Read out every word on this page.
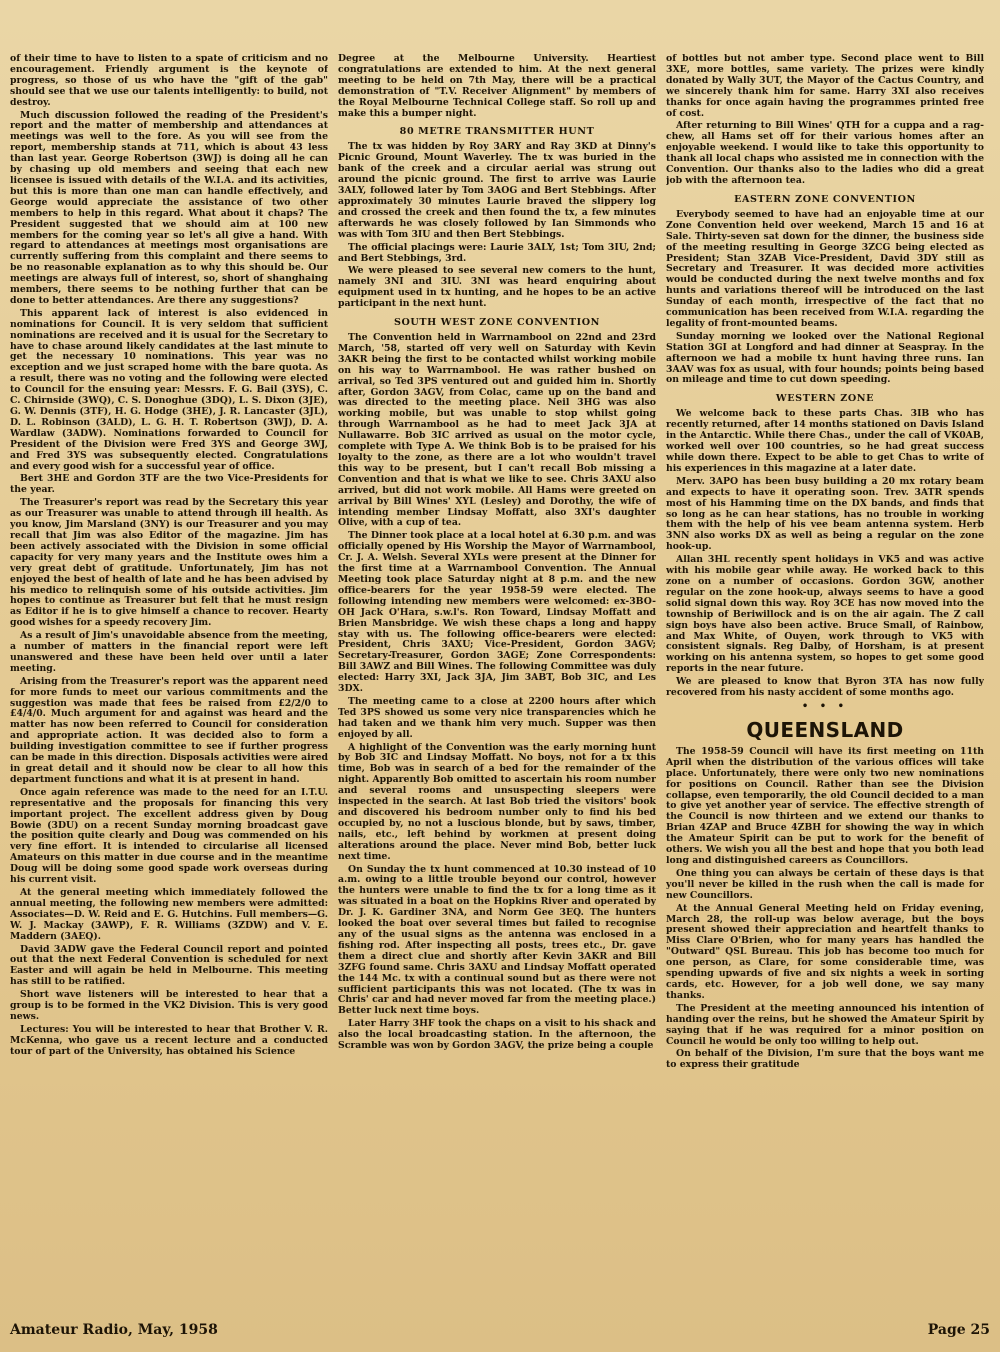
of their time to have to listen to a spate of criticism and no encouragement. Friendly argument is the keynote of progress, so those of us who have the "gift of the gab" should see that we use our talents intelligently: to build, not destroy.

Much discussion followed the reading of the President's report and the matter of membership and attendances at meetings was well to the fore. As you will see from the report, membership stands at 711, which is about 43 less than last year. George Robertson (3WJ) is doing all he can by chasing up old members and seeing that each new licensee is issued with details of the W.I.A. and its activities, but this is more than one man can handle effectively, and George would appreciate the assistance of two other members to help in this regard. What about it chaps? The President suggested that we should aim at 100 new members for the coming year so let's all give a hand. With regard to attendances at meetings most organisations are currently suffering from this complaint and there seems to be no reasonable explanation as to why this should be. Our meetings are always full of interest, so, short of shanghaing members, there seems to be nothing further that can be done to better attendances. Are there any suggestions?

This apparent lack of interest is also evidenced in nominations for Council. It is very seldom that sufficient nominations are received and it is usual for the Secretary to have to chase around likely candidates at the last minute to get the necessary 10 nominations. This year was no exception and we just scraped home with the bare quota. As a result, there was no voting and the following were elected to Council for the ensuing year: Messrs. F. G. Bail (3YS), C. C. Chirnside (3WQ), C. S. Donoghue (3DQ), L. S. Dixon (3JE), G. W. Dennis (3TF), H. G. Hodge (3HE), J. R. Lancaster (3JL), D. L. Robinson (3ALD), L. G. H. T. Robertson (3WJ), D. A. Wardlaw (3ADW). Nominations forwarded to Council for President of the Division were Fred 3YS and George 3WJ, and Fred 3YS was subsequently elected. Congratulations and every good wish for a successful year of office.

Bert 3HE and Gordon 3TF are the two Vice-Presidents for the year.

The Treasurer's report was read by the Secretary this year as our Treasurer was unable to attend through ill health. As you know, Jim Marsland (3NY) is our Treasurer and you may recall that Jim was also Editor of the magazine. Jim has been actively associated with the Division in some official capacity for very many years and the Institute owes him a very great debt of gratitude. Unfortunately, Jim has not enjoyed the best of health of late and he has been advised by his medico to relinquish some of his outside activities. Jim hopes to continue as Treasurer but felt that he must resign as Editor if he is to give himself a chance to recover. Hearty good wishes for a speedy recovery Jim.

As a result of Jim's unavoidable absence from the meeting, a number of matters in the financial report were left unanswered and these have been held over until a later meeting.

Arising from the Treasurer's report was the apparent need for more funds to meet our various commitments and the suggestion was made that fees be raised from £2/2/0 to £4/4/0. Much argument for and against was heard and the matter has now been referred to Council for consideration and appropriate action. It was decided also to form a building investigation committee to see if further progress can be made in this direction. Disposals activities were aired in great detail and it should now be clear to all how this department functions and what it is at present in hand.

Once again reference was made to the need for an I.T.U. representative and the proposals for financing this very important project. The excellent address given by Doug Bowie (3DU) on a recent Sunday morning broadcast gave the position quite clearly and Doug was commended on his very fine effort. It is intended to circularise all licensed Amateurs on this matter in due course and in the meantime Doug will be doing some good spade work overseas during his current visit.

At the general meeting which immediately followed the annual meeting, the following new members were admitted: Associates—D. W. Reid and E. G. Hutchins. Full members—G. W. J. Mackay (3AWP), F. R. Williams (3ZDW) and V. E. Maddern (3AEQ).

David 3ADW gave the Federal Council report and pointed out that the next Federal Convention is scheduled for next Easter and will again be held in Melbourne. This meeting has still to be ratified.

Short wave listeners will be interested to hear that a group is to be formed in the VK2 Division. This is very good news.

Lectures: You will be interested to hear that Brother V. R. McKenna, who gave us a recent lecture and a conducted tour of part of the University, has obtained his Science

Degree at the Melbourne University. Heartiest congratulations are extended to him. At the next general meeting to be held on 7th May, there will be a practical demonstration of "T.V. Receiver Alignment" by members of the Royal Melbourne Technical College staff. So roll up and make this a bumper night.

80 METRE TRANSMITTER HUNT

The tx was hidden by Roy 3ARY and Ray 3KD at Dinny's Picnic Ground, Mount Waverley. The tx was buried in the bank of the creek and a circular aerial was strung out around the picnic ground. The first to arrive was Laurie 3ALY, followed later by Tom 3AOG and Bert Stebbings. After approximately 30 minutes Laurie braved the slippery log and crossed the creek and then found the tx, a few minutes afterwards he was closely followed by Ian Simmonds who was with Tom 3IU and then Bert Stebbings.

The official placings were: Laurie 3ALY, 1st; Tom 3IU, 2nd; and Bert Stebbings, 3rd.

We were pleased to see several new comers to the hunt, namely 3NI and 3IU. 3NI was heard enquiring about equipment used in tx hunting, and he hopes to be an active participant in the next hunt.

SOUTH WEST ZONE CONVENTION

The Convention held in Warrnambool on 22nd and 23rd March, '58, started off very well on Saturday with Kevin 3AKR being the first to be contacted whilst working mobile on his way to Warrnambool. He was rather bushed on arrival, so Ted 3PS ventured out and guided him in. Shortly after, Gordon 3AGV, from Colac, came up on the band and was directed to the meeting place. Neil 3HG was also working mobile, but was unable to stop whilst going through Warrnambool as he had to meet Jack 3JA at Nullawarre. Bob 3IC arrived as usual on the motor cycle, complete with Type A. We think Bob is to be praised for his loyalty to the zone, as there are a lot who wouldn't travel this way to be present, but I can't recall Bob missing a Convention and that is what we like to see. Chris 3AXU also arrived, but did not work mobile. All Hams were greeted on arrival by Bill Wines' XYL (Lesley) and Dorothy, the wife of intending member Lindsay Moffatt, also 3XI's daughter Olive, with a cup of tea.

The Dinner took place at a local hotel at 6.30 p.m. and was officially opened by His Worship the Mayor of Warrnambool, Cr. J. A. Welsh. Several XYLs were present at the Dinner for the first time at a Warrnambool Convention. The Annual Meeting took place Saturday night at 8 p.m. and the new office-bearers for the year 1958-59 were elected. The following intending new members were welcomed: ex-3BO-OH Jack O'Hara, s.w.l's. Ron Toward, Lindsay Moffatt and Brien Mansbridge. We wish these chaps a long and happy stay with us. The following office-bearers were elected: President, Chris 3AXU; Vice-President, Gordon 3AGV; Secretary-Treasurer, Gordon 3AGE; Zone Correspondents: Bill 3AWZ and Bill Wines. The following Committee was duly elected: Harry 3XI, Jack 3JA, Jim 3ABT, Bob 3IC, and Les 3DX.

The meeting came to a close at 2200 hours after which Ted 3PS showed us some very nice transparencies which he had taken and we thank him very much. Supper was then enjoyed by all.

A highlight of the Convention was the early morning hunt by Bob 3IC and Lindsay Moffatt. No boys, not for a tx this time, Bob was in search of a bed for the remainder of the night. Apparently Bob omitted to ascertain his room number and several rooms and unsuspecting sleepers were inspected in the search. At last Bob tried the visitors' book and discovered his bedroom number only to find his bed occupied by, no not a luscious blonde, but by saws, timber, nails, etc., left behind by workmen at present doing alterations around the place. Never mind Bob, better luck next time.

On Sunday the tx hunt commenced at 10.30 instead of 10 a.m. owing to a little trouble beyond our control, however the hunters were unable to find the tx for a long time as it was situated in a boat on the Hopkins River and operated by Dr. J. K. Gardiner 3NA, and Norm Gee 3EQ. The hunters looked the boat over several times but failed to recognise any of the usual signs as the antenna was enclosed in a fishing rod. After inspecting all posts, trees etc., Dr. gave them a direct clue and shortly after Kevin 3AKR and Bill 3ZFG found same. Chris 3AXU and Lindsay Moffatt operated the 144 Mc. tx with a continual sound but as there were not sufficient participants this was not located. (The tx was in Chris' car and had never moved far from the meeting place.) Better luck next time boys.

Later Harry 3HF took the chaps on a visit to his shack and also the local broadcasting station. In the afternoon, the Scramble was won by Gordon 3AGV, the prize being a couple

of bottles but not amber type. Second place went to Bill 3XE, more bottles, same variety. The prizes were kindly donated by Wally 3UT, the Mayor of the Cactus Country, and we sincerely thank him for same. Harry 3XI also receives thanks for once again having the programmes printed free of cost.

After returning to Bill Wines' QTH for a cuppa and a rag-chew, all Hams set off for their various homes after an enjoyable weekend. I would like to take this opportunity to thank all local chaps who assisted me in connection with the Convention. Our thanks also to the ladies who did a great job with the afternoon tea.

EASTERN ZONE CONVENTION

Everybody seemed to have had an enjoyable time at our Zone Convention held over weekend, March 15 and 16 at Sale. Thirty-seven sat down for the dinner, the business side of the meeting resulting in George 3ZCG being elected as President; Stan 3ZAB Vice-President, David 3DY still as Secretary and Treasurer. It was decided more activities would be conducted during the next twelve months and fox hunts and variations thereof will be introduced on the last Sunday of each month, irrespective of the fact that no communication has been received from W.I.A. regarding the legality of front-mounted beams.

Sunday morning we looked over the National Regional Station 3GI at Longford and had dinner at Seaspray. In the afternoon we had a mobile tx hunt having three runs. Ian 3AAV was fox as usual, with four hounds; points being based on mileage and time to cut down speeding.

WESTERN ZONE

We welcome back to these parts Chas. 3IB who has recently returned, after 14 months stationed on Davis Island in the Antarctic. While there Chas., under the call of VK0AB, worked well over 100 countries, so he had great success while down there. Expect to be able to get Chas to write of his experiences in this magazine at a later date.

Merv. 3APO has been busy building a 20 mx rotary beam and expects to have it operating soon. Trev. 3ATR spends most of his Hamming time on the DX bands, and finds that so long as he can hear stations, has no trouble in working them with the help of his vee beam antenna system. Herb 3NN also works DX as well as being a regular on the zone hook-up.

Allan 3HL recently spent holidays in VK5 and was active with his mobile gear while away. He worked back to this zone on a number of occasions. Gordon 3GW, another regular on the zone hook-up, always seems to have a good solid signal down this way. Roy 3CE has now moved into the township of Beriwillock and is on the air again. The Z call sign boys have also been active. Bruce Small, of Rainbow, and Max White, of Ouyen, work through to VK5 with consistent signals. Reg Dalby, of Horsham, is at present working on his antenna system, so hopes to get some good reports in the near future.

We are pleased to know that Byron 3TA has now fully recovered from his nasty accident of some months ago.

• • •
QUEENSLAND

The 1958-59 Council will have its first meeting on 11th April when the distribution of the various offices will take place. Unfortunately, there were only two new nominations for positions on Council. Rather than see the Division collapse, even temporarily, the old Council decided to a man to give yet another year of service. The effective strength of the Council is now thirteen and we extend our thanks to Brian 4ZAP and Bruce 4ZBH for showing the way in which the Amateur Spirit can be put to work for the benefit of others. We wish you all the best and hope that you both lead long and distinguished careers as Councillors.

One thing you can always be certain of these days is that you'll never be killed in the rush when the call is made for new Councillors.

At the Annual General Meeting held on Friday evening, March 28, the roll-up was below average, but the boys present showed their appreciation and heartfelt thanks to Miss Clare O'Brien, who for many years has handled the "Outward" QSL Bureau. This job has become too much for one person, as Clare, for some considerable time, was spending upwards of five and six nights a week in sorting cards, etc. However, for a job well done, we say many thanks.

The President at the meeting announced his intention of handing over the reins, but he showed the Amateur Spirit by saying that if he was required for a minor position on Council he would be only too willing to help out.

On behalf of the Division, I'm sure that the boys want me to express their gratitude

Amateur Radio, May, 1958	Page 25
